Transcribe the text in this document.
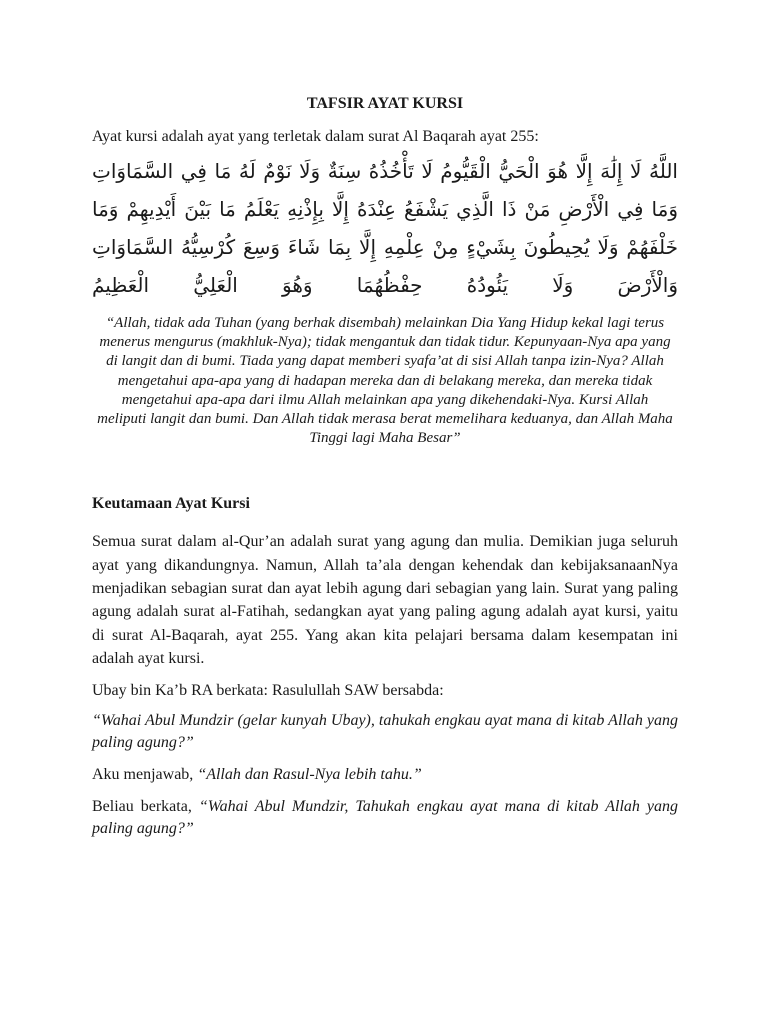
TAFSIR AYAT KURSI

Ayat kursi adalah ayat yang terletak dalam surat Al Baqarah ayat 255:

اللَّهُ لَا إِلَٰهَ إِلَّا هُوَ الْحَيُّ الْقَيُّومُ لَا تَأْخُذُهُ سِنَةٌ وَلَا نَوْمٌ لَهُ مَا فِي السَّمَاوَاتِ وَمَا فِي الْأَرْضِ مَنْ ذَا الَّذِي يَشْفَعُ عِنْدَهُ إِلَّا بِإِذْنِهِ يَعْلَمُ مَا بَيْنَ أَيْدِيهِمْ وَمَا خَلْفَهُمْ وَلَا يُحِيطُونَ بِشَيْءٍ مِنْ عِلْمِهِ إِلَّا بِمَا شَاءَ وَسِعَ كُرْسِيُّهُ السَّمَاوَاتِ وَالْأَرْضَ وَلَا يَئُودُهُ حِفْظُهُمَا وَهُوَ الْعَلِيُّ الْعَظِيمُ

“Allah, tidak ada Tuhan (yang berhak disembah) melainkan Dia Yang Hidup kekal lagi terus menerus mengurus (makhluk-Nya); tidak mengantuk dan tidak tidur. Kepunyaan-Nya apa yang di langit dan di bumi. Tiada yang dapat memberi syafa’at di sisi Allah tanpa izin-Nya? Allah mengetahui apa-apa yang di hadapan mereka dan di belakang mereka, dan mereka tidak mengetahui apa-apa dari ilmu Allah melainkan apa yang dikehendaki-Nya. Kursi Allah meliputi langit dan bumi. Dan Allah tidak merasa berat memelihara keduanya, dan Allah Maha Tinggi lagi Maha Besar”

Keutamaan Ayat Kursi

Semua surat dalam al-Qur’an adalah surat yang agung dan mulia. Demikian juga seluruh ayat yang dikandungnya. Namun, Allah ta’ala dengan kehendak dan kebijaksanaanNya menjadikan sebagian surat dan ayat lebih agung dari sebagian yang lain. Surat yang paling agung adalah surat al-Fatihah, sedangkan ayat yang paling agung adalah ayat kursi, yaitu di surat Al-Baqarah, ayat 255. Yang akan kita pelajari bersama dalam kesempatan ini adalah ayat kursi.

Ubay bin Ka’b RA berkata: Rasulullah SAW bersabda:

“Wahai Abul Mundzir (gelar kunyah Ubay), tahukah engkau ayat mana di kitab Allah yang paling agung?”

Aku menjawab, “Allah dan Rasul-Nya lebih tahu.”

Beliau berkata, “Wahai Abul Mundzir, Tahukah engkau ayat mana di kitab Allah yang paling agung?”
